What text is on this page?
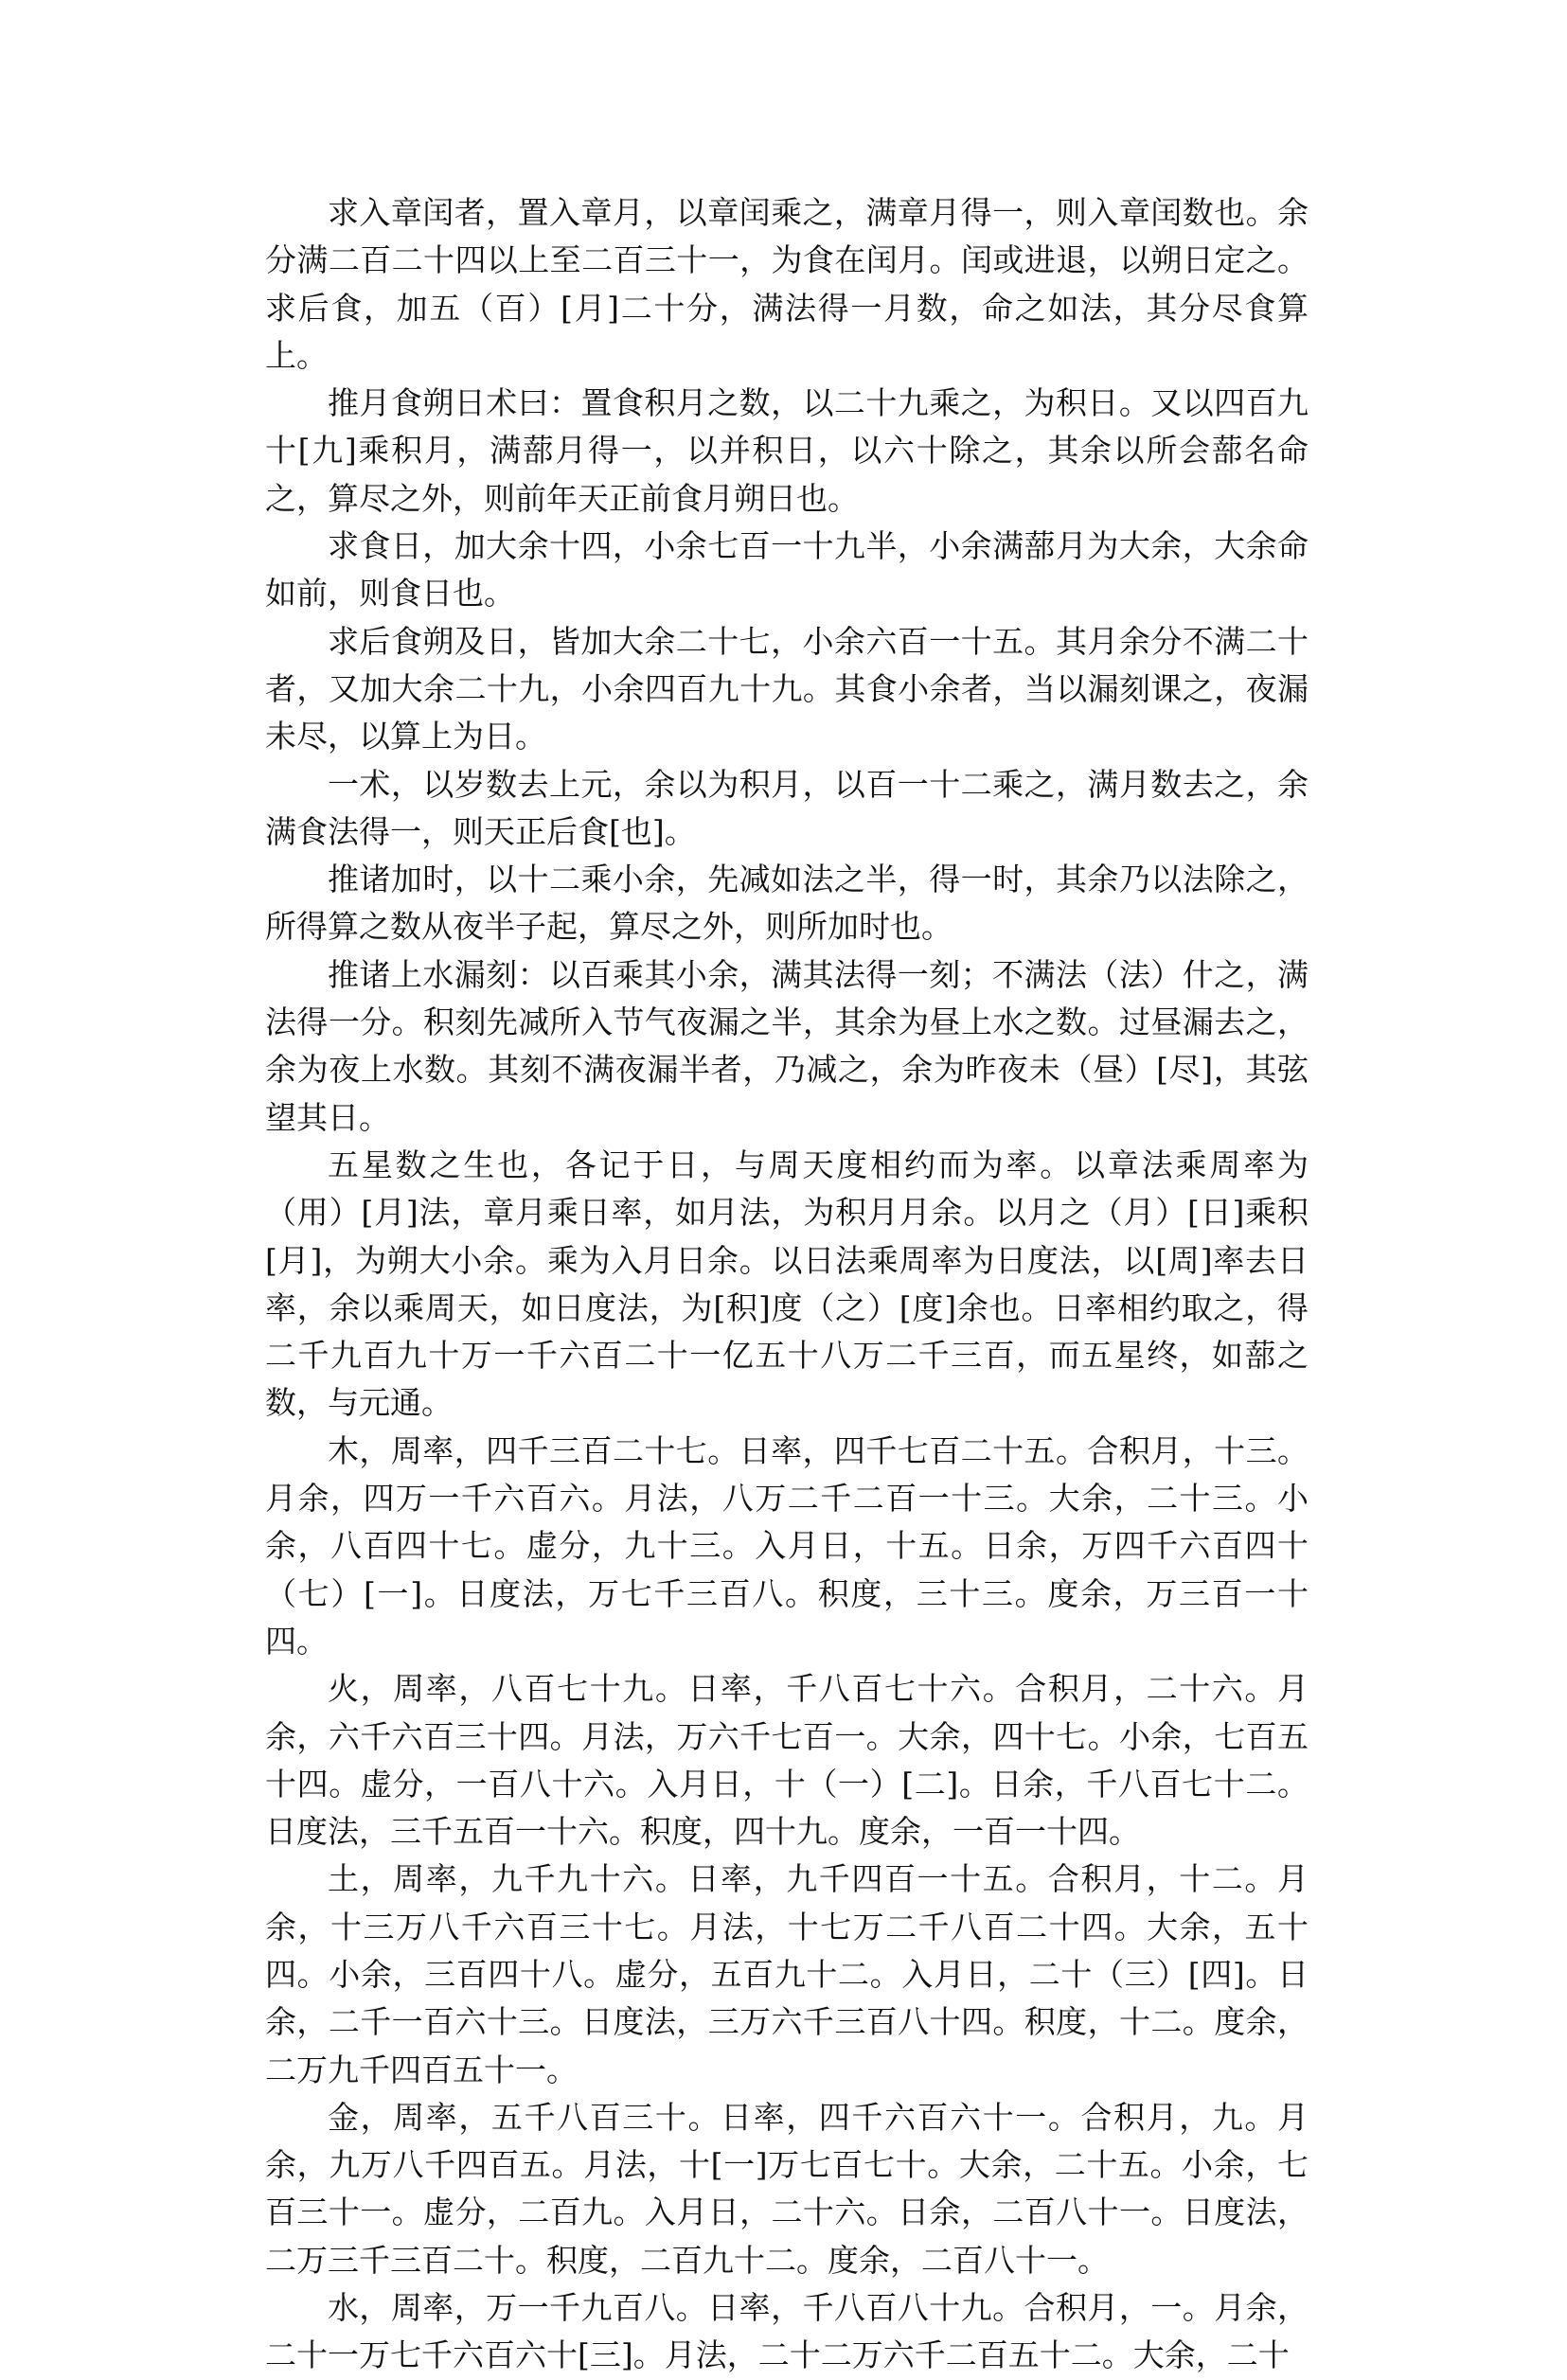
求入章闰者，置入章月，以章闰乘之，满章月得一，则入章闰数也。余分满二百二十四以上至二百三十一，为食在闰月。闰或进退，以朔日定之。求后食，加五（百）[月]二十分，满法得一月数，命之如法，其分尽食算上。

推月食朔日术曰：置食积月之数，以二十九乘之，为积日。又以四百九十[九]乘积月，满蔀月得一，以并积日，以六十除之，其余以所会蔀名命之，算尽之外，则前年天正前食月朔日也。

求食日，加大余十四，小余七百一十九半，小余满蔀月为大余，大余命如前，则食日也。

求后食朔及日，皆加大余二十七，小余六百一十五。其月余分不满二十者，又加大余二十九，小余四百九十九。其食小余者，当以漏刻课之，夜漏未尽，以算上为日。

一术，以岁数去上元，余以为积月，以百一十二乘之，满月数去之，余满食法得一，则天正后食[也]。

推诸加时，以十二乘小余，先减如法之半，得一时，其余乃以法除之，所得算之数从夜半子起，算尽之外，则所加时也。

推诸上水漏刻：以百乘其小余，满其法得一刻；不满法（法）什之，满法得一分。积刻先减所入节气夜漏之半，其余为昼上水之数。过昼漏去之，余为夜上水数。其刻不满夜漏半者，乃减之，余为昨夜未（昼）[尽]，其弦望其日。

五星数之生也，各记于日，与周天度相约而为率。以章法乘周率为（用）[月]法，章月乘日率，如月法，为积月月余。以月之（月）[日]乘积[月]，为朔大小余。乘为入月日余。以日法乘周率为日度法，以[周]率去日率，余以乘周天，如日度法，为[积]度（之）[度]余也。日率相约取之，得二千九百九十万一千六百二十一亿五十八万二千三百，而五星终，如蔀之数，与元通。

木，周率，四千三百二十七。日率，四千七百二十五。合积月，十三。月余，四万一千六百六。月法，八万二千二百一十三。大余，二十三。小余，八百四十七。虚分，九十三。入月日，十五。日余，万四千六百四十（七）[一]。日度法，万七千三百八。积度，三十三。度余，万三百一十四。

火，周率，八百七十九。日率，千八百七十六。合积月，二十六。月余，六千六百三十四。月法，万六千七百一。大余，四十七。小余，七百五十四。虚分，一百八十六。入月日，十（一）[二]。日余，千八百七十二。日度法，三千五百一十六。积度，四十九。度余，一百一十四。

土，周率，九千九十六。日率，九千四百一十五。合积月，十二。月余，十三万八千六百三十七。月法，十七万二千八百二十四。大余，五十四。小余，三百四十八。虚分，五百九十二。入月日，二十（三）[四]。日余，二千一百六十三。日度法，三万六千三百八十四。积度，十二。度余，二万九千四百五十一。

金，周率，五千八百三十。日率，四千六百六十一。合积月，九。月余，九万八千四百五。月法，十[一]万七百七十。大余，二十五。小余，七百三十一。虚分，二百九。入月日，二十六。日余，二百八十一。日度法，二万三千三百二十。积度，二百九十二。度余，二百八十一。

水，周率，万一千九百八。日率，千八百八十九。合积月，一。月余，二十一万七千六百六十[三]。月法，二十二万六千二百五十二。大余，二十
